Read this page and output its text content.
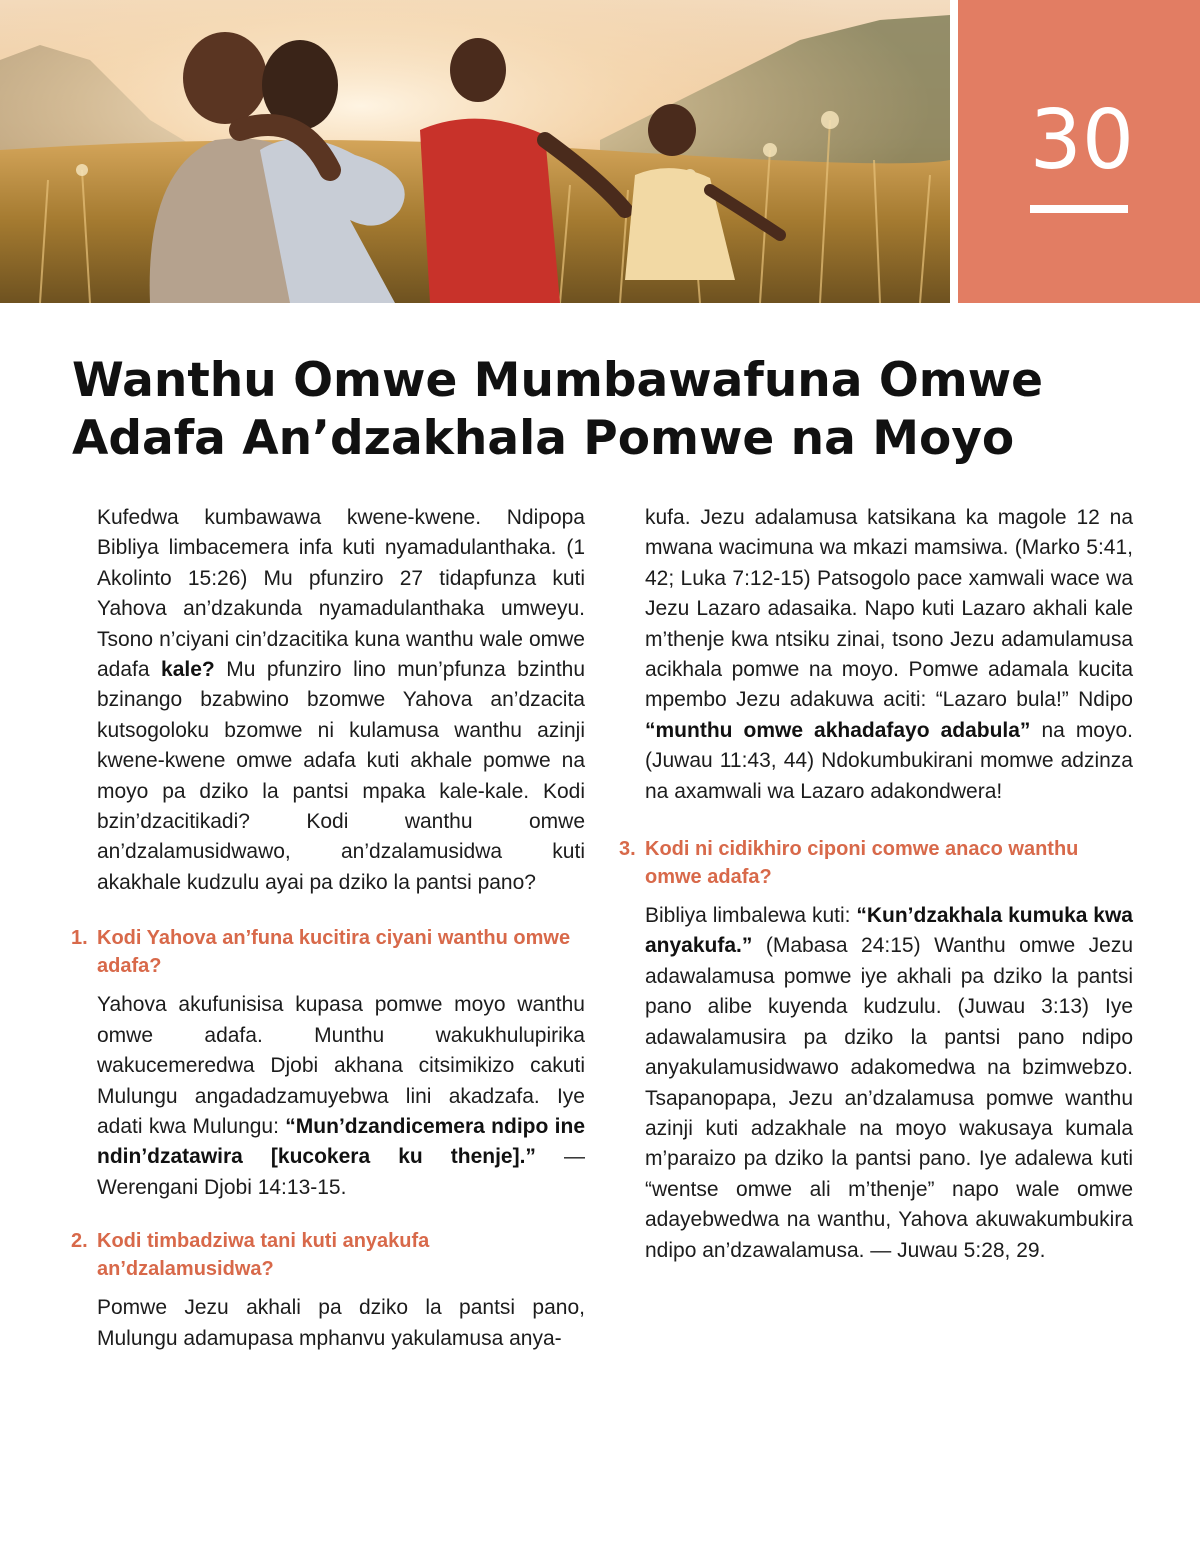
30
Wanthu Omwe Mumbawafuna Omwe
Adafa An’dzakhala Pomwe na Moyo

Kufedwa kumbawawa kwene-kwene. Ndipopa Bibliya limbacemera infa kuti nyamadulanthaka. (1 Akolinto 15:26) Mu pfunziro 27 tidapfunza kuti Yahova an’dzakunda nyamadulanthaka umweyu. Tsono n’ciyani cin’dzacitika kuna wanthu wale omwe adafa kale? Mu pfunziro lino mun’pfunza bzinthu bzinango bzabwino bzomwe Yahova an’dzacita kutsogoloku bzomwe ni kulamusa wanthu azinji kwene-kwene omwe adafa kuti akhale pomwe na moyo pa dziko la pantsi mpaka kale-kale. Kodi bzin’dzacitikadi? Kodi wanthu omwe an’dzalamusidwawo, an’dzalamusidwa kuti akakhale kudzulu ayai pa dziko la pantsi pano?

1. Kodi Yahova an’funa kucitira ciyani wanthu omwe adafa?

Yahova akufunisisa kupasa pomwe moyo wanthu omwe adafa. Munthu wakukhulupirika wakucemeredwa Djobi akhana citsimikizo cakuti Mulungu angadadzamuyebwa lini akadzafa. Iye adati kwa Mulungu: “Mun’dzandicemera ndipo ine ndin’dzatawira [kucokera ku thenje].” — Werengani Djobi 14:13-15.

2. Kodi timbadziwa tani kuti anyakufa an’dzalamusidwa?

Pomwe Jezu akhali pa dziko la pantsi pano, Mulungu adamupasa mphanvu yakulamusa anya-

kufa. Jezu adalamusa katsikana ka magole 12 na mwana wacimuna wa mkazi mamsiwa. (Marko 5:41, 42; Luka 7:12-15) Patsogolo pace xamwali wace wa Jezu Lazaro adasaika. Napo kuti Lazaro akhali kale m’thenje kwa ntsiku zinai, tsono Jezu adamulamusa acikhala pomwe na moyo. Pomwe adamala kucita mpembo Jezu adakuwa aciti: “Lazaro bula!” Ndipo “munthu omwe akhadafayo adabula” na moyo. (Juwau 11:43, 44) Ndokumbukirani momwe adzinza na axamwali wa Lazaro adakondwera!

3. Kodi ni cidikhiro ciponi comwe anaco wanthu omwe adafa?

Bibliya limbalewa kuti: “Kun’dzakhala kumuka kwa anyakufa.” (Mabasa 24:15) Wanthu omwe Jezu adawalamusa pomwe iye akhali pa dziko la pantsi pano alibe kuyenda kudzulu. (Juwau 3:13) Iye adawalamusira pa dziko la pantsi pano ndipo anyakulamusidwawo adakomedwa na bzimwebzo. Tsapanopapa, Jezu an’dzalamusa pomwe wanthu azinji kuti adzakhale na moyo wakusaya kumala m’paraizo pa dziko la pantsi pano. Iye adalewa kuti “wentse omwe ali m’thenje” napo wale omwe adayebwedwa na wanthu, Yahova akuwakumbukira ndipo an’dzawalamusa. — Juwau 5:28, 29.
